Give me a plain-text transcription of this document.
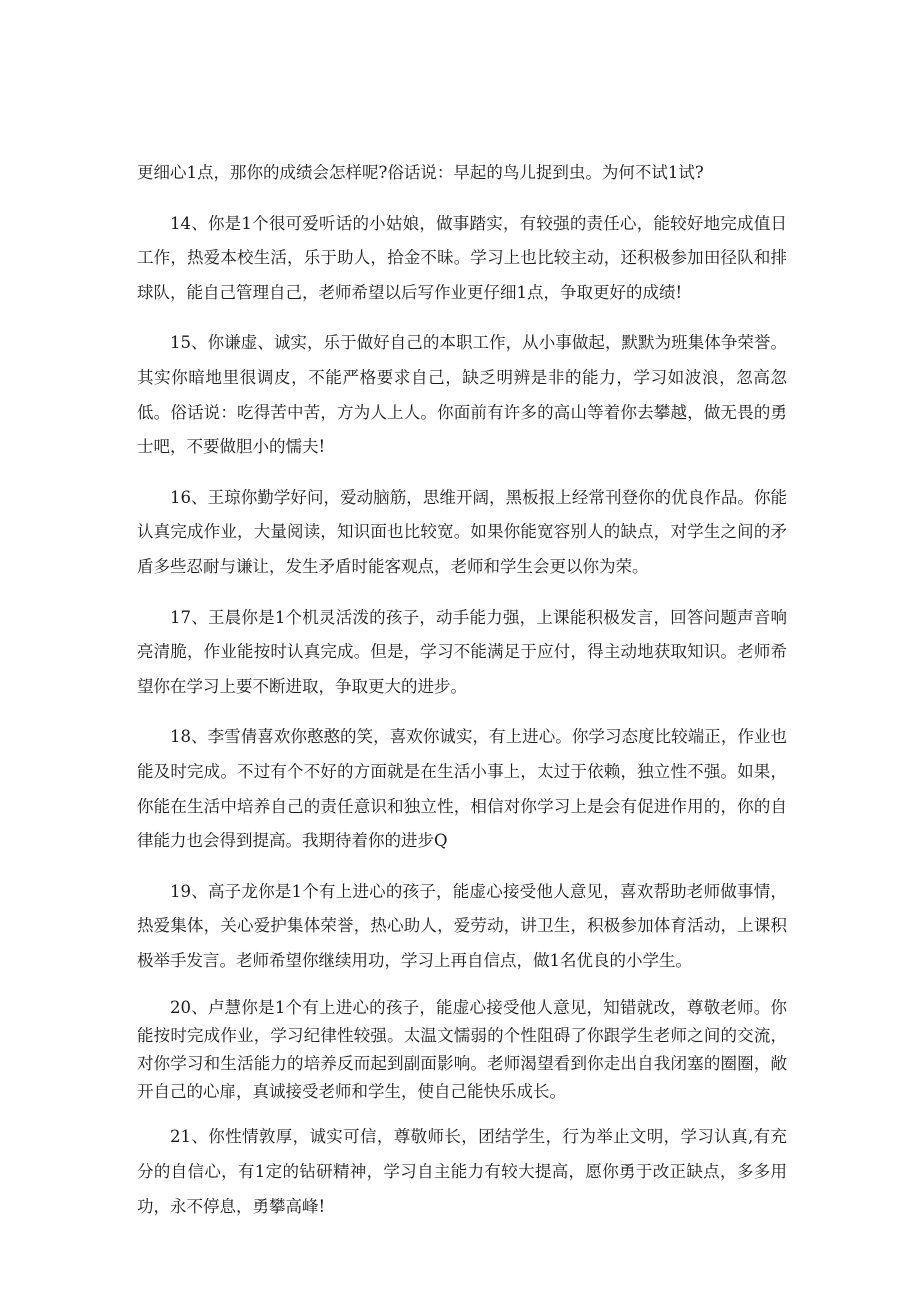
更细心1点，那你的成绩会怎样呢?俗话说：早起的鸟儿捉到虫。为何不试1试?

14、你是1个很可爱听话的小姑娘，做事踏实，有较强的责任心，能较好地完成值日工作，热爱本校生活，乐于助人，拾金不昧。学习上也比较主动，还积极参加田径队和排球队，能自己管理自己，老师希望以后写作业更仔细1点，争取更好的成绩!

15、你谦虚、诚实，乐于做好自己的本职工作，从小事做起，默默为班集体争荣誉。其实你暗地里很调皮，不能严格要求自己，缺乏明辨是非的能力，学习如波浪，忽高忽低。俗话说：吃得苦中苦，方为人上人。你面前有许多的高山等着你去攀越，做无畏的勇士吧，不要做胆小的懦夫!

16、王琼你勤学好问，爱动脑筋，思维开阔，黑板报上经常刊登你的优良作品。你能认真完成作业，大量阅读，知识面也比较宽。如果你能宽容别人的缺点，对学生之间的矛盾多些忍耐与谦让，发生矛盾时能客观点，老师和学生会更以你为荣。

17、王晨你是1个机灵活泼的孩子，动手能力强，上课能积极发言，回答问题声音响亮清脆，作业能按时认真完成。但是，学习不能满足于应付，得主动地获取知识。老师希望你在学习上要不断进取，争取更大的进步。

18、李雪倩喜欢你憨憨的笑，喜欢你诚实，有上进心。你学习态度比较端正，作业也能及时完成。不过有个不好的方面就是在生活小事上，太过于依赖，独立性不强。如果，你能在生活中培养自己的责任意识和独立性，相信对你学习上是会有促进作用的，你的自律能力也会得到提高。我期待着你的进步Q

19、高子龙你是1个有上进心的孩子，能虚心接受他人意见，喜欢帮助老师做事情，热爱集体，关心爱护集体荣誉，热心助人，爱劳动，讲卫生，积极参加体育活动，上课积极举手发言。老师希望你继续用功，学习上再自信点，做1名优良的小学生。

20、卢慧你是1个有上进心的孩子，能虚心接受他人意见，知错就改，尊敬老师。你能按时完成作业，学习纪律性较强。太温文懦弱的个性阻碍了你跟学生老师之间的交流，对你学习和生活能力的培养反而起到副面影响。老师渴望看到你走出自我闭塞的圈圈，敞开自己的心扉，真诚接受老师和学生，使自己能快乐成长。

21、你性情敦厚，诚实可信，尊敬师长，团结学生，行为举止文明，学习认真,有充分的自信心，有1定的钻研精神，学习自主能力有较大提高，愿你勇于改正缺点，多多用功，永不停息，勇攀高峰!
